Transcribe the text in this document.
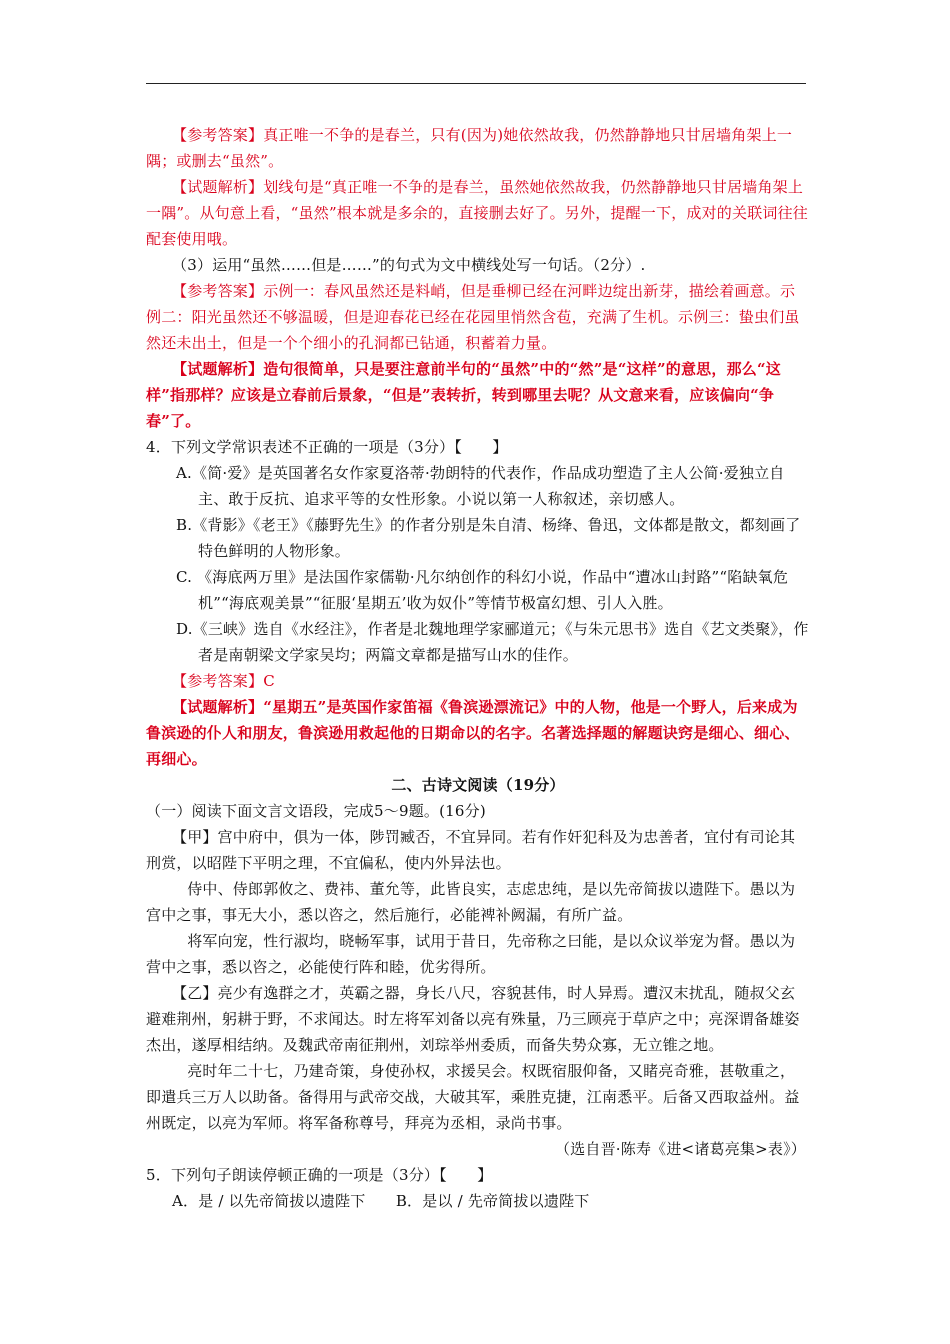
【参考答案】真正唯一不争的是春兰，只有(因为)她依然故我，仍然静静地只甘居墙角架上一隅；或删去“虽然”。

【试题解析】划线句是“真正唯一不争的是春兰，虽然她依然故我，仍然静静地只甘居墙角架上一隅”。从句意上看，“虽然”根本就是多余的，直接删去好了。另外，提醒一下，成对的关联词往往配套使用哦。

（3）运用“虽然……但是……”的句式为文中横线处写一句话。（2分）.

【参考答案】示例一：春风虽然还是料峭，但是垂柳已经在河畔边绽出新芽，描绘着画意。示例二：阳光虽然还不够温暖，但是迎春花已经在花园里悄然含苞，充满了生机。示例三：蛰虫们虽然还未出土，但是一个个细小的孔洞都已钻通，积蓄着力量。

【试题解析】造句很简单，只是要注意前半句的“虽然”中的“然”是“这样”的意思，那么“这样”指那样？应该是立春前后景象，“但是”表转折，转到哪里去呢？从文意来看，应该偏向“争春”了。

4．下列文学常识表述不正确的一项是（3分）【　　】

A.《简·爱》是英国著名女作家夏洛蒂·勃朗特的代表作，作品成功塑造了主人公简·爱独立自主、敢于反抗、追求平等的女性形象。小说以第一人称叙述，亲切感人。

B.《背影》《老王》《藤野先生》的作者分别是朱自清、杨绛、鲁迅，文体都是散文，都刻画了特色鲜明的人物形象。

C. 《海底两万里》是法国作家儒勒·凡尔纳创作的科幻小说，作品中“遭冰山封路”“陷缺氧危机”“海底观美景”“征服‘星期五’收为奴仆”等情节极富幻想、引人入胜。

D.《三峡》选自《水经注》，作者是北魏地理学家郦道元；《与朱元思书》选自《艺文类聚》，作者是南朝梁文学家吴均；两篇文章都是描写山水的佳作。

【参考答案】C

【试题解析】“星期五”是英国作家笛福《鲁滨逊漂流记》中的人物，他是一个野人，后来成为鲁滨逊的仆人和朋友，鲁滨逊用救起他的日期命以的名字。名著选择题的解题诀窍是细心、细心、再细心。

二、古诗文阅读（19分）

（一）阅读下面文言文语段，完成5～9题。(16分)

【甲】宫中府中，俱为一体，陟罚臧否，不宜异同。若有作奸犯科及为忠善者，宜付有司论其刑赏，以昭陛下平明之理，不宜偏私，使内外异法也。

　侍中、侍郎郭攸之、费祎、董允等，此皆良实，志虑忠纯，是以先帝简拔以遗陛下。愚以为宫中之事，事无大小，悉以咨之，然后施行，必能裨补阙漏，有所广益。

　将军向宠，性行淑均，晓畅军事，试用于昔日，先帝称之曰能，是以众议举宠为督。愚以为营中之事，悉以咨之，必能使行阵和睦，优劣得所。

【乙】亮少有逸群之才，英霸之器，身长八尺，容貌甚伟，时人异焉。遭汉末扰乱，随叔父玄避难荆州，躬耕于野，不求闻达。时左将军刘备以亮有殊量，乃三顾亮于草庐之中；亮深谓备雄姿杰出，遂厚相结纳。及魏武帝南征荆州，刘琮举州委质，而备失势众寡，无立锥之地。

　亮时年二十七，乃建奇策，身使孙权，求援吴会。权既宿服仰备，又睹亮奇雅，甚敬重之，即遣兵三万人以助备。备得用与武帝交战，大破其军，乘胜克捷，江南悉平。后备又西取益州。益州既定，以亮为军师。将军备称尊号，拜亮为丞相，录尚书事。

（选自晋·陈寿《进<诸葛亮集>表》）

5．下列句子朗读停顿正确的一项是（3分）【　　】

A．是 / 以先帝简拔以遗陛下　　B．是以 / 先帝简拔以遗陛下
